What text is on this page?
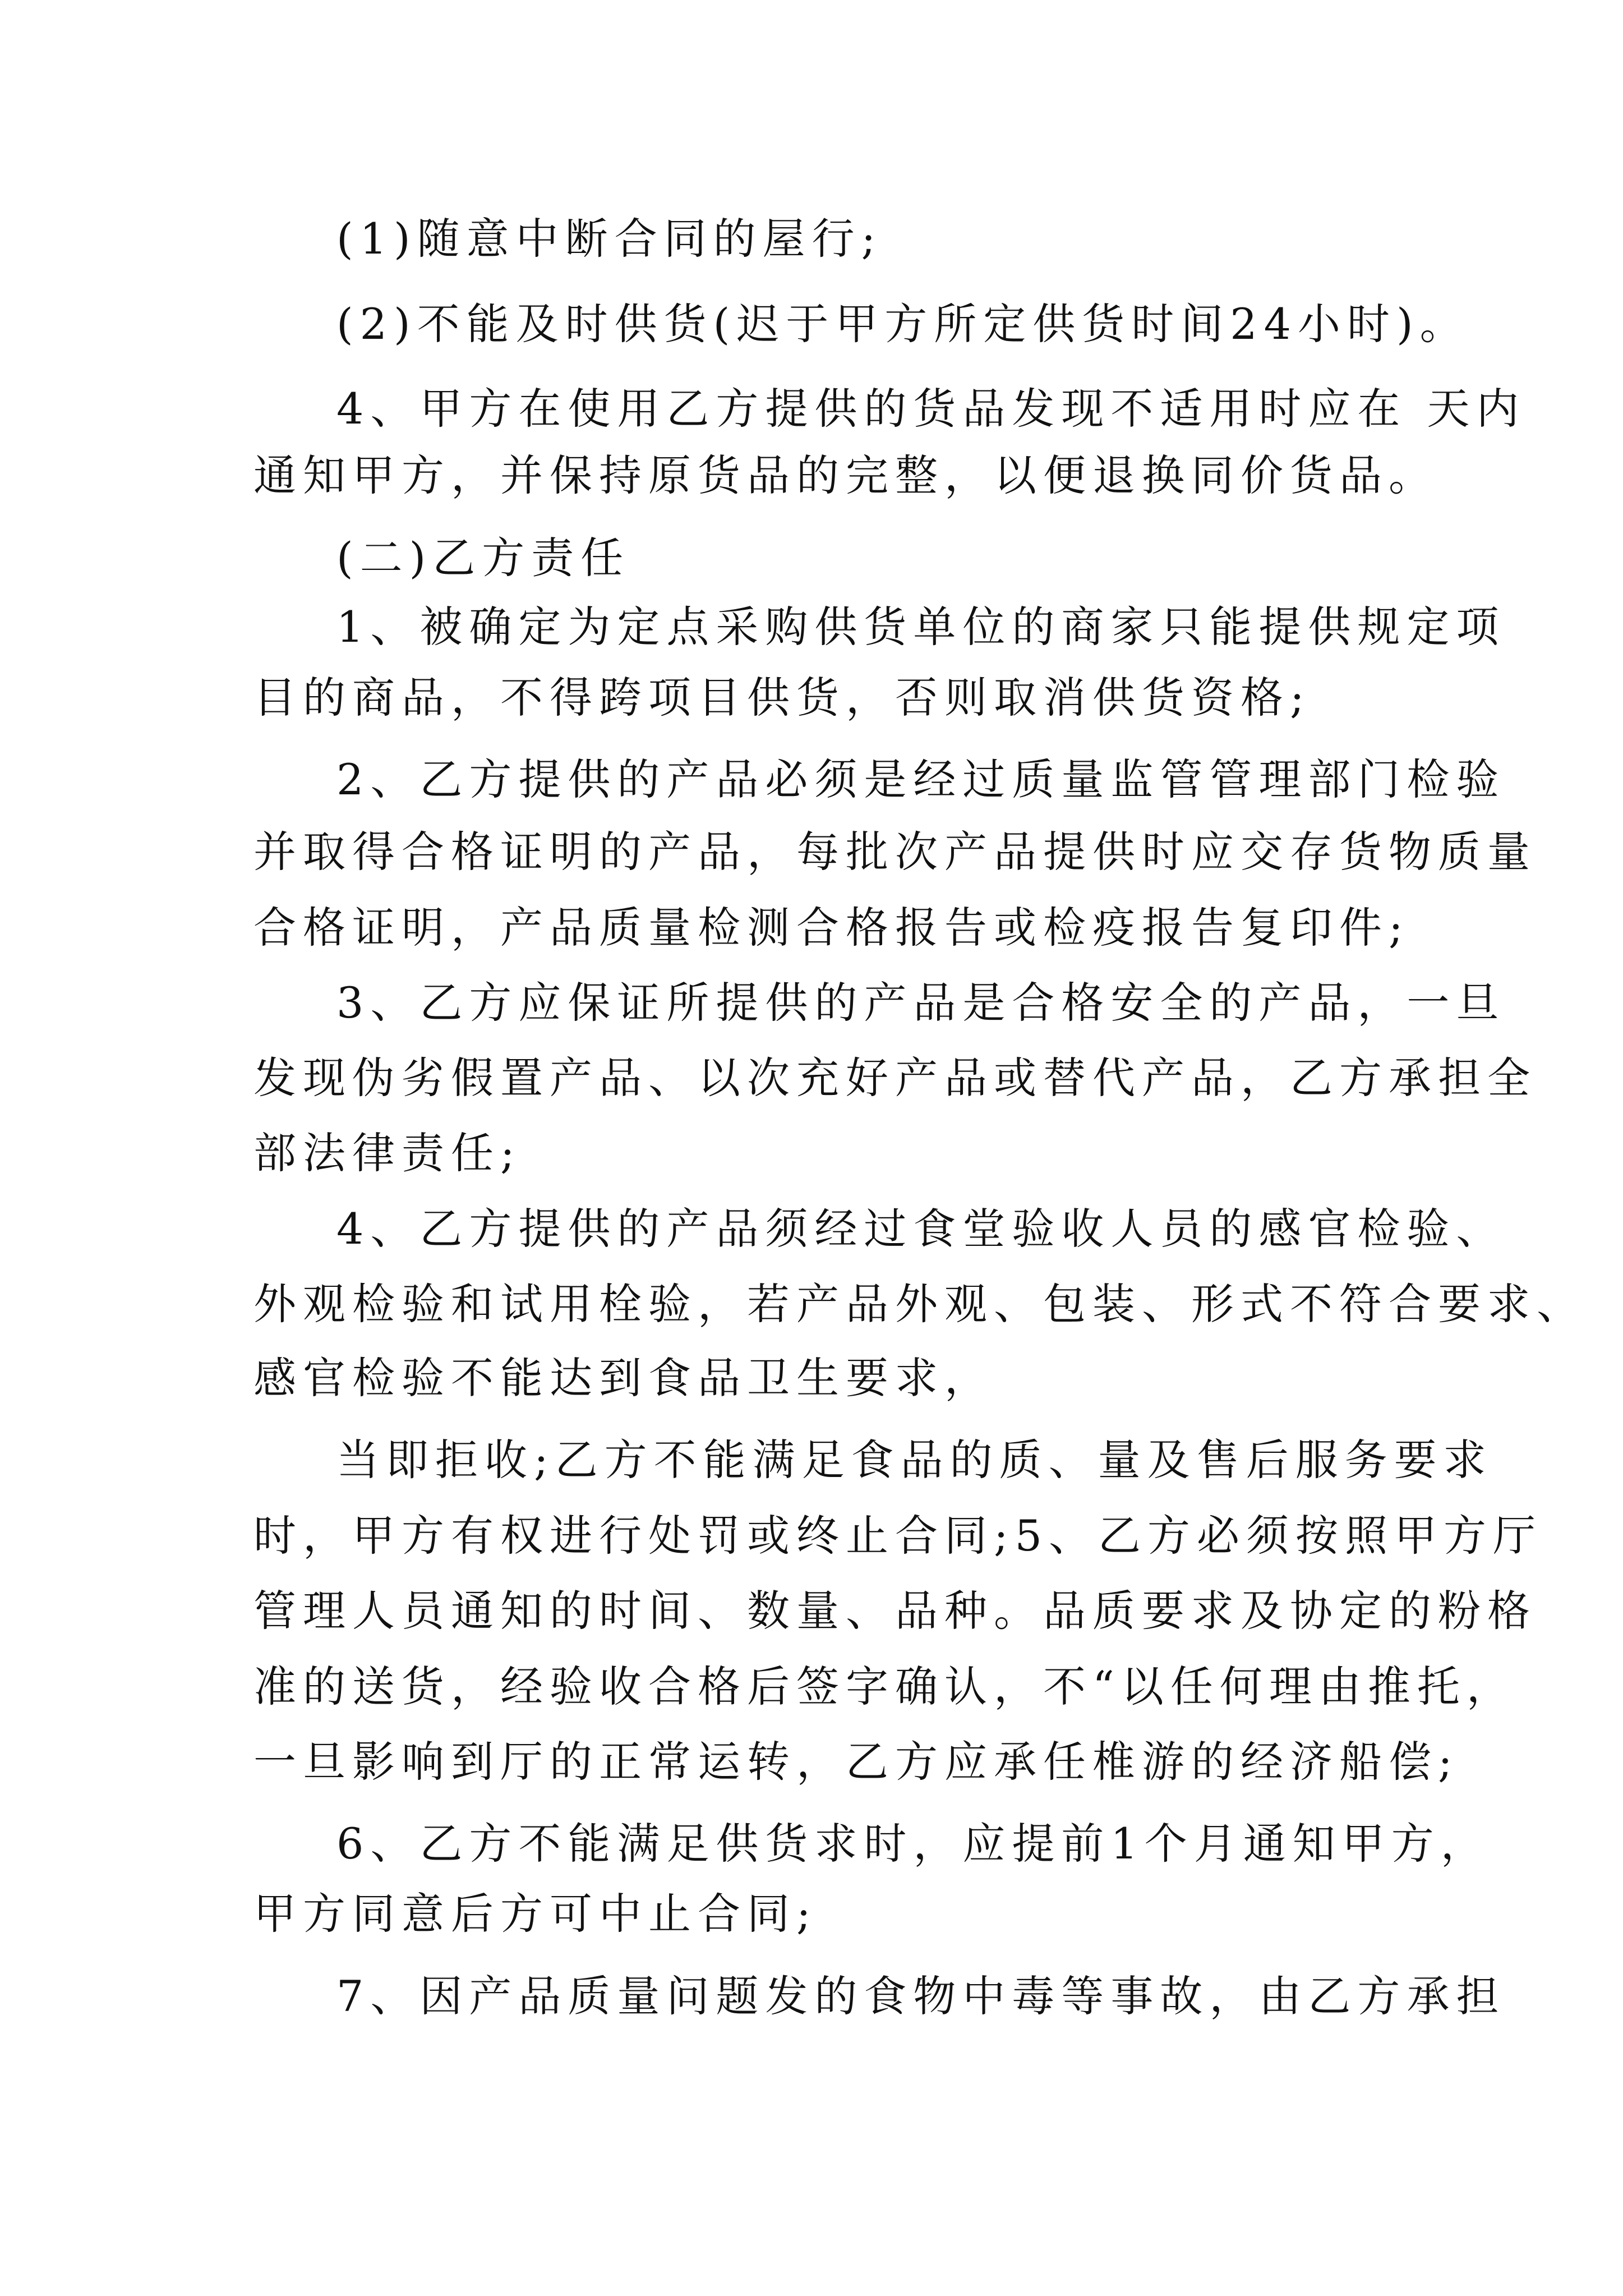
(1)随意中断合同的屋行;
(2)不能及时供货(迟于甲方所定供货时间24小时)。
4、甲方在使用乙方提供的货品发现不适用时应在 天内
通知甲方，并保持原货品的完整，以便退换同价货品。
(二)乙方责任
1、被确定为定点采购供货单位的商家只能提供规定项
目的商品，不得跨项目供货，否则取消供货资格;
2、乙方提供的产品必须是经过质量监管管理部门检验
并取得合格证明的产品，每批次产品提供时应交存货物质量
合格证明，产品质量检测合格报告或检疫报告复印件;
3、乙方应保证所提供的产品是合格安全的产品，一旦
发现伪劣假置产品、以次充好产品或替代产品，乙方承担全
部法律责任;
4、乙方提供的产品须经过食堂验收人员的感官检验、
外观检验和试用栓验，若产品外观、包装、形式不符合要求、
感官检验不能达到食品卫生要求，
当即拒收;乙方不能满足食品的质、量及售后服务要求
时，甲方有权进行处罚或终止合同;5、乙方必须按照甲方厅
管理人员通知的时间、数量、品种。品质要求及协定的粉格
准的送货，经验收合格后签字确认，不“以任何理由推托，
一旦影响到厅的正常运转，乙方应承任椎游的经济船偿;
6、乙方不能满足供货求时，应提前1个月通知甲方，
甲方同意后方可中止合同;
7、因产品质量问题发的食物中毒等事故，由乙方承担
